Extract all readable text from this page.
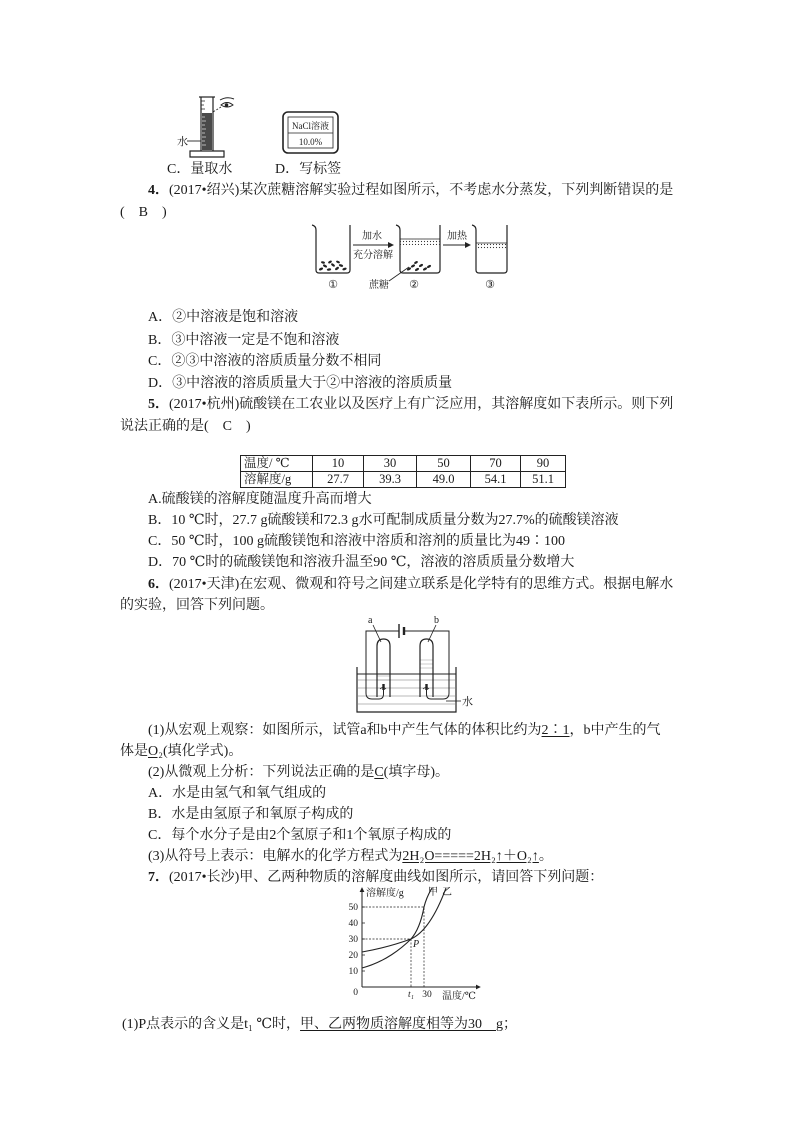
水
NaCl溶液
10.0%
C．量取水	D．写标签
4．(2017•绍兴)某次蔗糖溶解实验过程如图所示，不考虑水分蒸发，下列判断错误的是
(　B　)
加水
充分溶解
加热
蔗糖
①	②	③
A．②中溶液是饱和溶液
B．③中溶液一定是不饱和溶液
C．②③中溶液的溶质质量分数不相同
D．③中溶液的溶质质量大于②中溶液的溶质质量
5．(2017•杭州)硫酸镁在工农业以及医疗上有广泛应用，其溶解度如下表所示。则下列
说法正确的是(　C　)
温度/ ℃	10	30	50	70	90
溶解度/g	27.7	39.3	49.0	54.1	51.1
A.硫酸镁的溶解度随温度升高而增大
B．10 ℃时，27.7 g硫酸镁和72.3 g水可配制成质量分数为27.7%的硫酸镁溶液
C．50 ℃时，100 g硫酸镁饱和溶液中溶质和溶剂的质量比为49∶100
D．70 ℃时的硫酸镁饱和溶液升温至90 ℃，溶液的溶质质量分数增大
6．(2017•天津)在宏观、微观和符号之间建立联系是化学特有的思维方式。根据电解水
的实验，回答下列问题。
a	b
水
(1)从宏观上观察：如图所示，试管a和b中产生气体的体积比约为2∶1，b中产生的气
体是O₂(填化学式)。
(2)从微观上分析：下列说法正确的是C(填字母)。
A．水是由氢气和氧气组成的
B．水是由氢原子和氧原子构成的
C．每个水分子是由2个氢原子和1个氧原子构成的
(3)从符号上表示：电解水的化学方程式为2H₂O=====2H₂↑＋O₂↑。
7．(2017•长沙)甲、乙两种物质的溶解度曲线如图所示，请回答下列问题：
溶解度/g 甲 乙
50
40
30
20
10
0
P
t₁ 30 温度/℃
(1)P点表示的含义是t₁ ℃时，甲、乙两物质溶解度相等为30　g；
